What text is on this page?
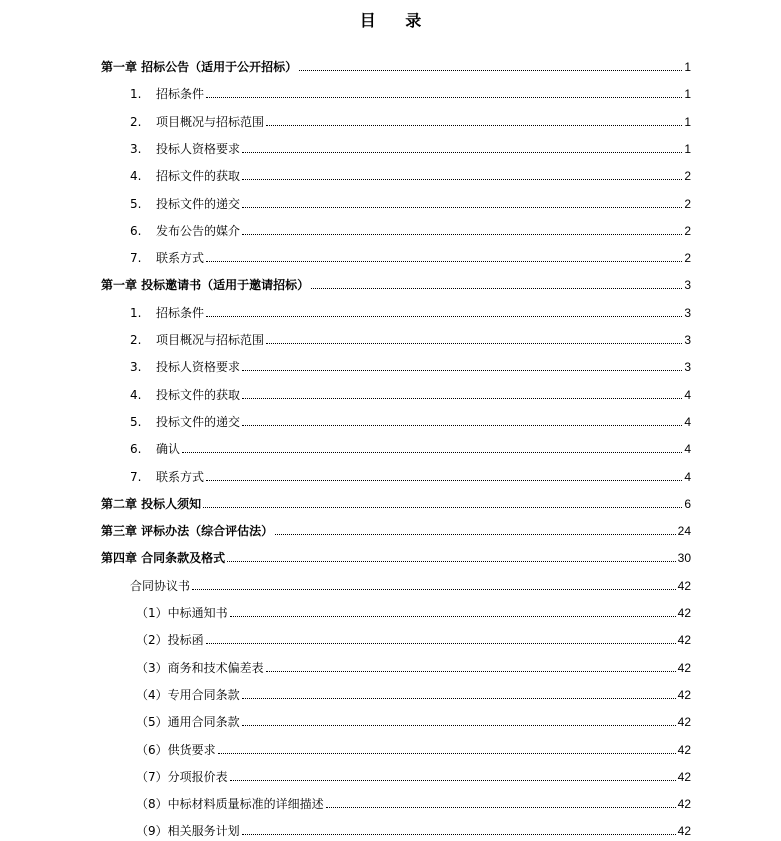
目 录
第一章 招标公告（适用于公开招标）	1
1.	招标条件	1
2.	项目概况与招标范围	1
3.	投标人资格要求	1
4.	招标文件的获取	2
5.	投标文件的递交	2
6.	发布公告的媒介	2
7.	联系方式	2
第一章 投标邀请书（适用于邀请招标）	3
1.	招标条件	3
2.	项目概况与招标范围	3
3.	投标人资格要求	3
4.	投标文件的获取	4
5.	投标文件的递交	4
6.	确认	4
7.	联系方式	4
第二章 投标人须知	6
第三章 评标办法（综合评估法）	24
第四章 合同条款及格式	30
合同协议书	42
（1）中标通知书	42
（2）投标函	42
（3）商务和技术偏差表	42
（4）专用合同条款	42
（5）通用合同条款	42
（6）供货要求	42
（7）分项报价表	42
（8）中标材料质量标准的详细描述	42
（9）相关服务计划	42
